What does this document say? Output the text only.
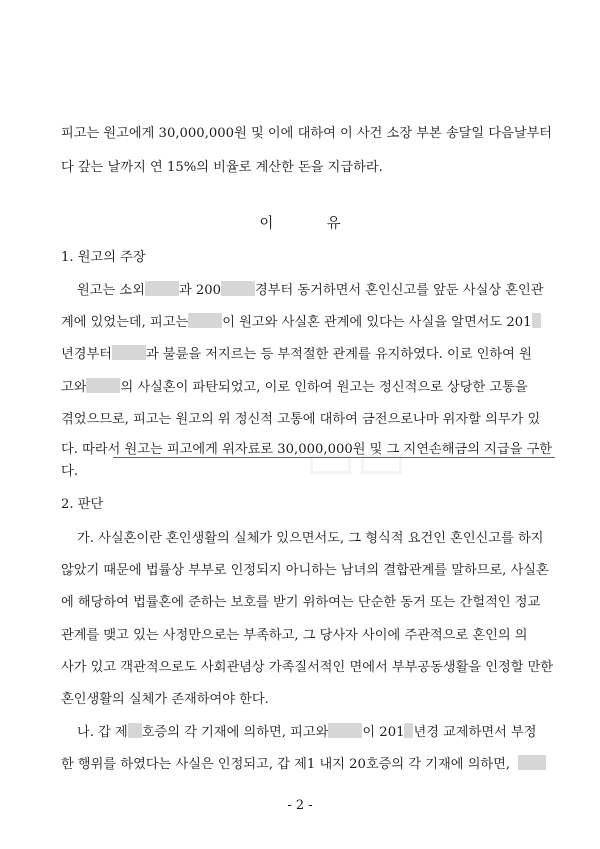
피고는 원고에게 30,000,000원 및 이에 대하여 이 사건 소장 부본 송달일 다음날부터
다 갚는 날까지 연 15%의 비율로 계산한 돈을 지급하라.
이	유
1. 원고의 주장
원고는 소외	과 200	경부터 동거하면서 혼인신고를 앞둔 사실상 혼인관
계에 있었는데, 피고는	이 원고와 사실혼 관계에 있다는 사실을 알면서도 201
년경부터	과 불륜을 저지르는 등 부적절한 관계를 유지하였다. 이로 인하여 원
고와	의 사실혼이 파탄되었고, 이로 인하여 원고는 정신적으로 상당한 고통을
겪었으므로, 피고는 원고의 위 정신적 고통에 대하여 금전으로나마 위자할 의무가 있
▭▭
다. 따라서 원고는 피고에게 위자료로 30,000,000원 및 그 지연손해금의 지급을 구한
다.
2. 판단
가. 사실혼이란 혼인생활의 실체가 있으면서도, 그 형식적 요건인 혼인신고를 하지
않았기 때문에 법률상 부부로 인정되지 아니하는 남녀의 결합관계를 말하므로, 사실혼
에 해당하여 법률혼에 준하는 보호를 받기 위하여는 단순한 동거 또는 간헐적인 정교
관계를 맺고 있는 사정만으로는 부족하고, 그 당사자 사이에 주관적으로 혼인의 의
사가 있고 객관적으로도 사회관념상 가족질서적인 면에서 부부공동생활을 인정할 만한
혼인생활의 실체가 존재하여야 한다.
나. 갑 제 호증의 각 기재에 의하면, 피고와	이 201 년경 교제하면서 부정
한 행위를 하였다는 사실은 인정되고, 갑 제1 내지 20호증의 각 기재에 의하면,
- 2 -
